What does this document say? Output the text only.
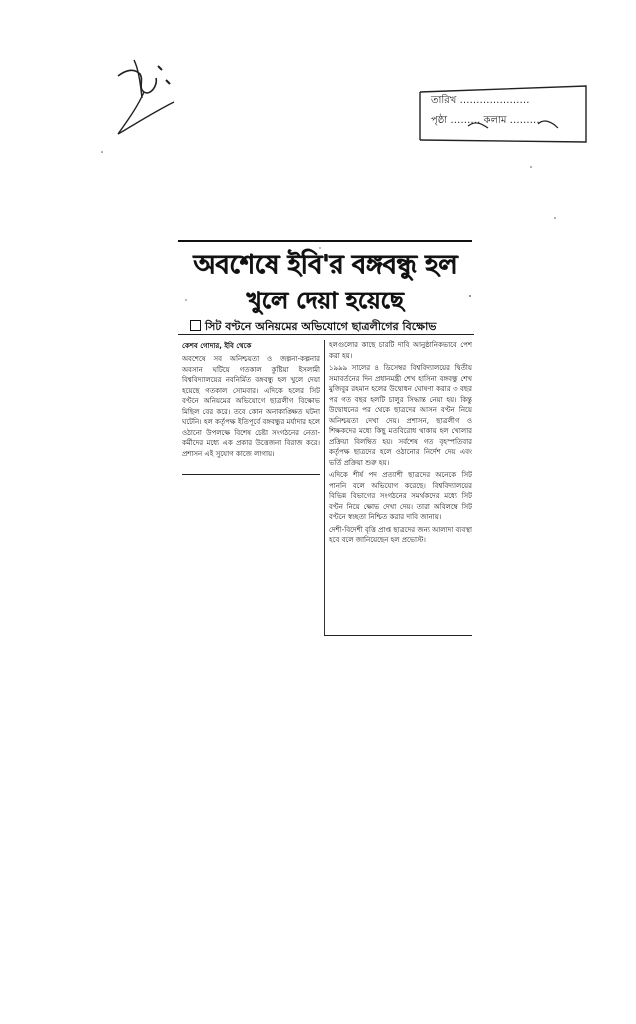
তারিখ …………………
পৃষ্ঠা ……… কলাম ………
অবশেষে ইবি'র বঙ্গবন্ধু হল
খুলে দেয়া হয়েছে
সিট বণ্টনে অনিয়মের অভিযোগে ছাত্রলীগের বিক্ষোভ
কেশব গোদার, ইবি থেকে

অবশেষে সব অনিশ্চয়তা ও জল্পনা-কল্পনার অবসান ঘটিয়ে গতকাল কুষ্টিয়া ইসলামী বিশ্ববিদ্যালয়ের নবনির্মিত বঙ্গবন্ধু হল খুলে দেয়া হয়েছে গতকাল সোমবার। এদিকে হলের সিট বণ্টনে অনিয়মের অভিযোগে ছাত্রলীগ বিক্ষোভ মিছিল বের করে। তবে কোন অনাকাঙ্ক্ষিত ঘটনা ঘটেনি। হল কর্তৃপক্ষ ইতিপূর্বে বঙ্গবন্ধুর মর্যাদার হলে ওঠানো উপলক্ষে বিশেষ চেষ্টা সংগঠনের নেতা-কর্মীদের মধ্যে এক প্রকার উত্তেজনা বিরাজ করে। প্রশাসন এই সুযোগ কাজে লাগায়।

হলগুলোর কাছে চারটি দাবি আনুষ্ঠানিকভাবে পেশ করা হয়।

১৯৯৯ সালের ৪ ডিসেম্বর বিশ্ববিদ্যালয়ের দ্বিতীয় সমাবর্তনের দিন প্রধানমন্ত্রী শেখ হাসিনা বঙ্গবন্ধু শেখ মুজিবুর রহমান হলের উদ্বোধন ঘোষণা করার ৩ বছর পর গত বছর হলটি চালুর সিদ্ধান্ত নেয়া হয়। কিন্তু উদ্বোধনের পর থেকে ছাত্রদের আসন বণ্টন নিয়ে অনিশ্চয়তা দেখা দেয়। প্রশাসন, ছাত্রলীগ ও শিক্ষকদের মধ্যে কিছু মতবিরোধ থাকায় হল খোলার প্রক্রিয়া বিলম্বিত হয়। সর্বশেষ গত বৃহস্পতিবার কর্তৃপক্ষ ছাত্রদের হলে ওঠানোর নির্দেশ দেয় এবং ভর্তি প্রক্রিয়া শুরু হয়।

এদিকে শীর্ষ পদ প্রত্যাশী ছাত্রদের অনেকে সিট পাননি বলে অভিযোগ করেছে। বিশ্ববিদ্যালয়ের বিভিন্ন বিভাগের সংগঠনের সমর্থকদের মধ্যে সিট বণ্টন নিয়ে ক্ষোভ দেখা দেয়। তারা অবিলম্বে সিট বণ্টনে স্বচ্ছতা নিশ্চিত করার দাবি জানায়।

দেশী-বিদেশী বৃত্তি প্রাপ্ত ছাত্রদের জন্য আলাদা ব্যবস্থা হবে বলে জানিয়েছেন হল প্রভোস্ট।
